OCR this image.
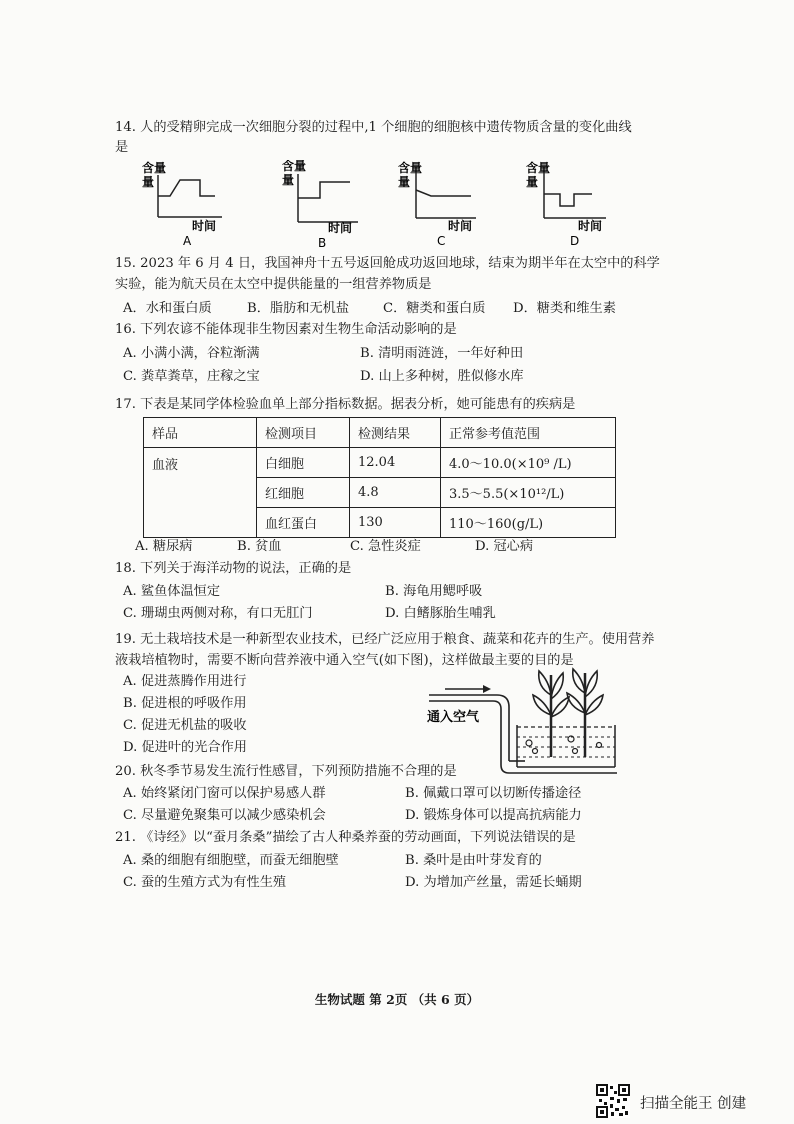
14. 人的受精卵完成一次细胞分裂的过程中,1 个细胞的细胞核中遗传物质含量的变化曲线
是
含量
量
时间
A
含量
量
时间
B
含量
量
时间
C
含量
量
时间
D
15. 2023 年 6 月 4 日，我国神舟十五号返回舱成功返回地球，结束为期半年在太空中的科学
实验，能为航天员在太空中提供能量的一组营养物质是
A．水和蛋白质	B．脂肪和无机盐	C．糖类和蛋白质 D．糖类和维生素
16. 下列农谚不能体现非生物因素对生物生命活动影响的是
A. 小满小满，谷粒渐满	B. 清明雨涟涟，一年好种田
C. 粪草粪草，庄稼之宝	D. 山上多种树，胜似修水库
17. 下表是某同学体检验血单上部分指标数据。据表分析，她可能患有的疾病是
样品	检测项目	检测结果	正常参考值范围
血液	白细胞	12.04	4.0～10.0(×10⁹ /L)
	红细胞	4.8	3.5～5.5(×10¹²/L)
	血红蛋白	130	110～160(g/L)
A. 糖尿病	B. 贫血	C. 急性炎症	D. 冠心病
18. 下列关于海洋动物的说法，正确的是
A. 鲨鱼体温恒定	B. 海龟用鳃呼吸
C. 珊瑚虫两侧对称，有口无肛门	D. 白鳍豚胎生哺乳
19. 无土栽培技术是一种新型农业技术，已经广泛应用于粮食、蔬菜和花卉的生产。使用营养
液栽培植物时，需要不断向营养液中通入空气(如下图)，这样做最主要的目的是
A. 促进蒸腾作用进行
B. 促进根的呼吸作用
C. 促进无机盐的吸收
D. 促进叶的光合作用
通入空气
20. 秋冬季节易发生流行性感冒，下列预防措施不合理的是
A. 始终紧闭门窗可以保护易感人群	B. 佩戴口罩可以切断传播途径
C. 尽量避免聚集可以减少感染机会	D. 锻炼身体可以提高抗病能力
21. 《诗经》以“蚕月条桑”描绘了古人种桑养蚕的劳动画面，下列说法错误的是
A. 桑的细胞有细胞壁，而蚕无细胞壁	B. 桑叶是由叶芽发育的
C. 蚕的生殖方式为有性生殖	D. 为增加产丝量，需延长蛹期
生物试题 第 2页 （共 6 页）
扫描全能王 创建
